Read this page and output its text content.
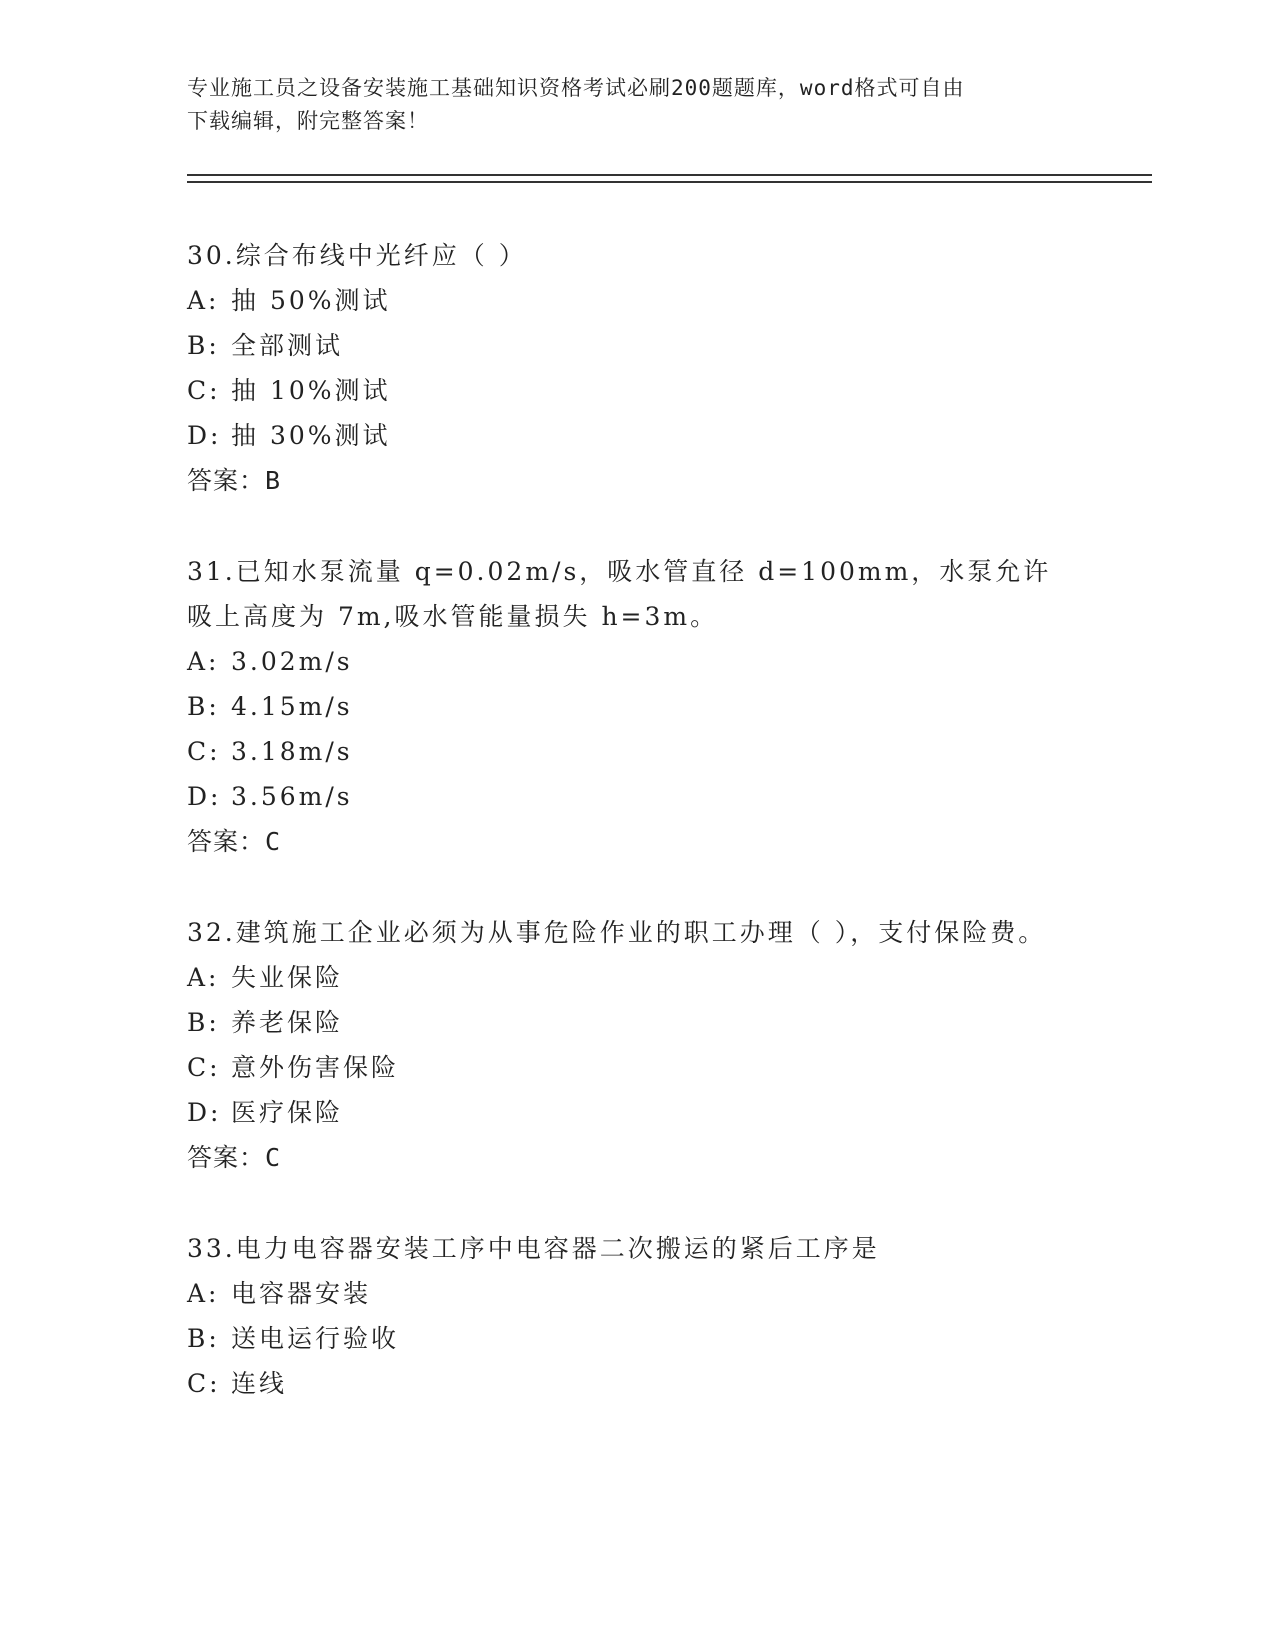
专业施工员之设备安装施工基础知识资格考试必刷200题题库，word格式可自由
下载编辑，附完整答案！

30.综合布线中光纤应（ ）

A: 抽 50%测试

B: 全部测试

C: 抽 10%测试

D: 抽 30%测试

答案：B

31.已知水泵流量 q=0.02m/s，吸水管直径 d=100mm，水泵允许吸上高度为 7m,吸水管能量损失 h=3m。

A: 3.02m/s

B: 4.15m/s

C: 3.18m/s

D: 3.56m/s

答案：C

32.建筑施工企业必须为从事危险作业的职工办理（ ），支付保险费。

A: 失业保险

B: 养老保险

C: 意外伤害保险

D: 医疗保险

答案：C

33.电力电容器安装工序中电容器二次搬运的紧后工序是

A: 电容器安装

B: 送电运行验收

C: 连线
